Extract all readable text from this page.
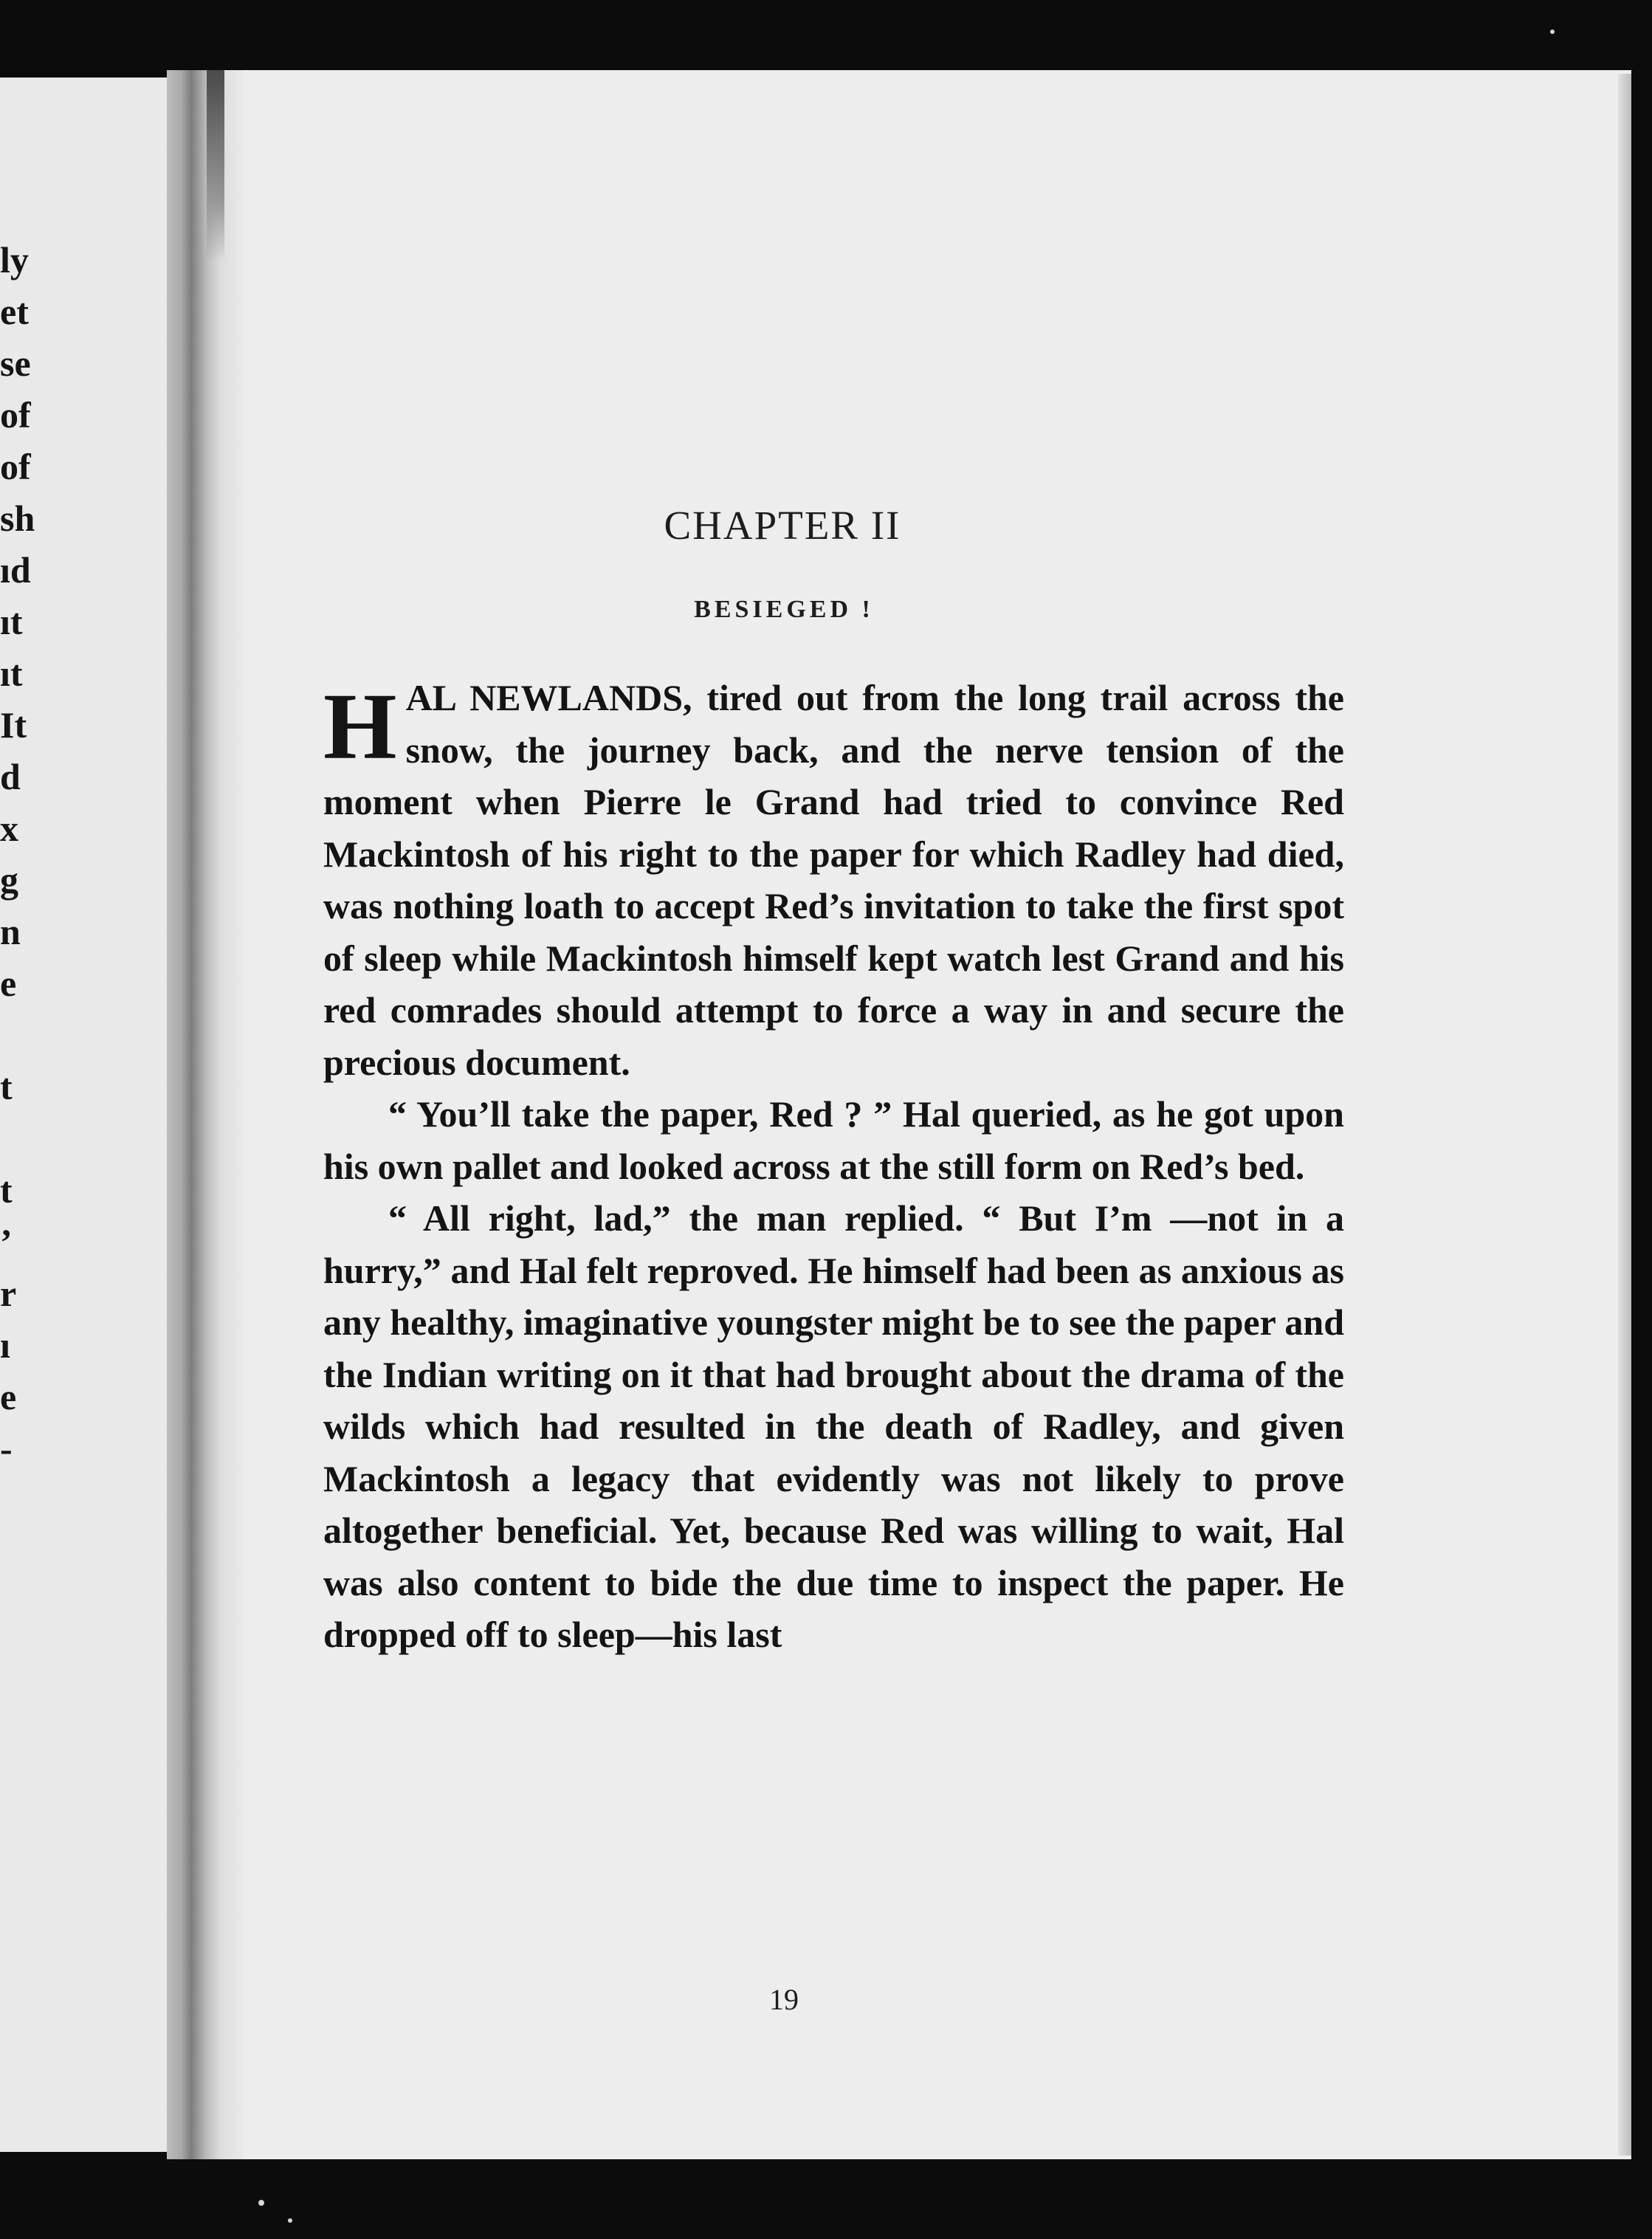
ly
et
se
of
of
sh
ıd
ıt
ıt
It
d
x
g
n
e
t
t
’
r
ı
e
-
CHAPTER II
BESIEGED !

HAL NEWLANDS, tired out from the long trail across the snow, the journey back, and the nerve tension of the moment when Pierre le Grand had tried to convince Red Mackintosh of his right to the paper for which Radley had died, was nothing loath to accept Red’s invitation to take the first spot of sleep while Mackintosh himself kept watch lest Grand and his red comrades should attempt to force a way in and secure the precious document.

“ You’ll take the paper, Red ? ” Hal queried, as he got upon his own pallet and looked across at the still form on Red’s bed.

“ All right, lad,” the man replied. “ But I’m —not in a hurry,” and Hal felt reproved. He himself had been as anxious as any healthy, imaginative youngster might be to see the paper and the Indian writing on it that had brought about the drama of the wilds which had resulted in the death of Radley, and given Mackintosh a legacy that evidently was not likely to prove altogether beneficial. Yet, because Red was willing to wait, Hal was also content to bide the due time to inspect the paper. He dropped off to sleep—his last

19
